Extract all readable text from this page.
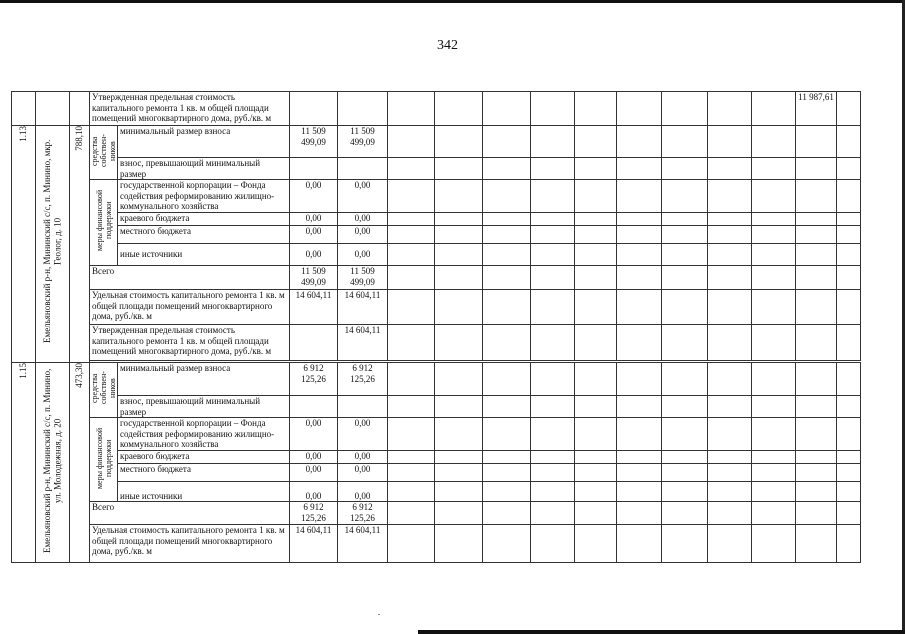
342
			Утвержденная предельная стоимость капитального ремонта 1 кв. м общей площади помещений многоквартирного дома, руб./кв. м													11 987,61	

1.13	Емельяновский р-н, Мининский с/с, п. Минино, мкр. Геолог, д. 10	788,10	средства собствен- ников	минимальный размер взноса	11 509 499,09	11 509 499,09											
				взнос, превышающий минимальный размер													

			меры финансовой поддержки	государственной корпорации – Фонда содействия реформированию жилищно-коммунального хозяйства	0,00	0,00											
				краевого бюджета	0,00	0,00											
				местного бюджета	0,00	0,00											
				иные источники	0,00	0,00											
			Всего		11 509 499,09	11 509 499,09											
			Удельная стоимость капитального ремонта 1 кв. м общей площади помещений многоквартирного дома, руб./кв. м		14 604,11	14 604,11											
			Утвержденная предельная стоимость капитального ремонта 1 кв. м общей площади помещений многоквартирного дома, руб./кв. м			14 604,11											

1.15	Емельяновский р-н, Мининский с/с, п. Минино, ул. Молодежная, д. 20	473,30	средства собствен- ников	минимальный размер взноса	6 912 125,26	6 912 125,26											
				взнос, превышающий минимальный размер													

			меры финансовой поддержки	государственной корпорации – Фонда содействия реформированию жилищно-коммунального хозяйства	0,00	0,00											
				краевого бюджета	0,00	0,00											
				местного бюджета	0,00	0,00											
				иные источники	0,00	0,00											
			Всего		6 912 125,26	6 912 125,26											
			Удельная стоимость капитального ремонта 1 кв. м общей площади помещений многоквартирного дома, руб./кв. м		14 604,11	14 604,11											
